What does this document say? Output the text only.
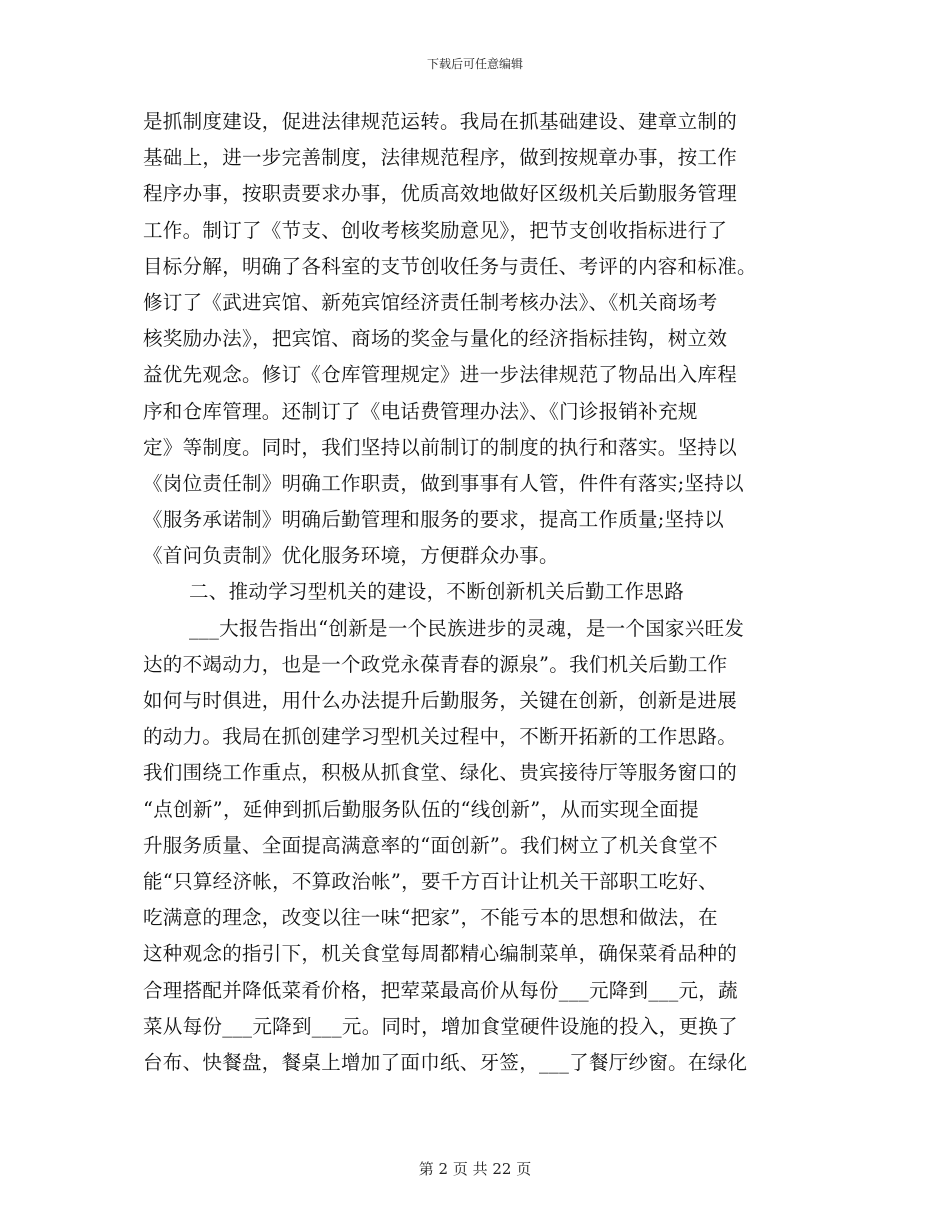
下载后可任意编辑
是抓制度建设，促进法律规范运转。我局在抓基础建设、建章立制的
基础上，进一步完善制度，法律规范程序，做到按规章办事，按工作
程序办事，按职责要求办事，优质高效地做好区级机关后勤服务管理
工作。制订了《节支、创收考核奖励意见》，把节支创收指标进行了
目标分解，明确了各科室的支节创收任务与责任、考评的内容和标准。
修订了《武进宾馆、新苑宾馆经济责任制考核办法》、《机关商场考
核奖励办法》，把宾馆、商场的奖金与量化的经济指标挂钩，树立效
益优先观念。修订《仓库管理规定》进一步法律规范了物品出入库程
序和仓库管理。还制订了《电话费管理办法》、《门诊报销补充规
定》等制度。同时，我们坚持以前制订的制度的执行和落实。坚持以
《岗位责任制》明确工作职责，做到事事有人管，件件有落实;坚持以
《服务承诺制》明确后勤管理和服务的要求，提高工作质量;坚持以
《首问负责制》优化服务环境，方便群众办事。
二、推动学习型机关的建设，不断创新机关后勤工作思路
___大报告指出“创新是一个民族进步的灵魂，是一个国家兴旺发
达的不竭动力，也是一个政党永葆青春的源泉”。我们机关后勤工作
如何与时俱进，用什么办法提升后勤服务，关键在创新，创新是进展
的动力。我局在抓创建学习型机关过程中，不断开拓新的工作思路。
我们围绕工作重点，积极从抓食堂、绿化、贵宾接待厅等服务窗口的
“点创新”，延伸到抓后勤服务队伍的“线创新”，从而实现全面提
升服务质量、全面提高满意率的“面创新”。我们树立了机关食堂不
能“只算经济帐，不算政治帐”，要千方百计让机关干部职工吃好、
吃满意的理念，改变以往一味“把家”，不能亏本的思想和做法，在
这种观念的指引下，机关食堂每周都精心编制菜单，确保菜肴品种的
合理搭配并降低菜肴价格，把荤菜最高价从每份___元降到___元，蔬
菜从每份___元降到___元。同时，增加食堂硬件设施的投入，更换了
台布、快餐盘，餐桌上增加了面巾纸、牙签，___了餐厅纱窗。在绿化
第 2 页 共 22 页
